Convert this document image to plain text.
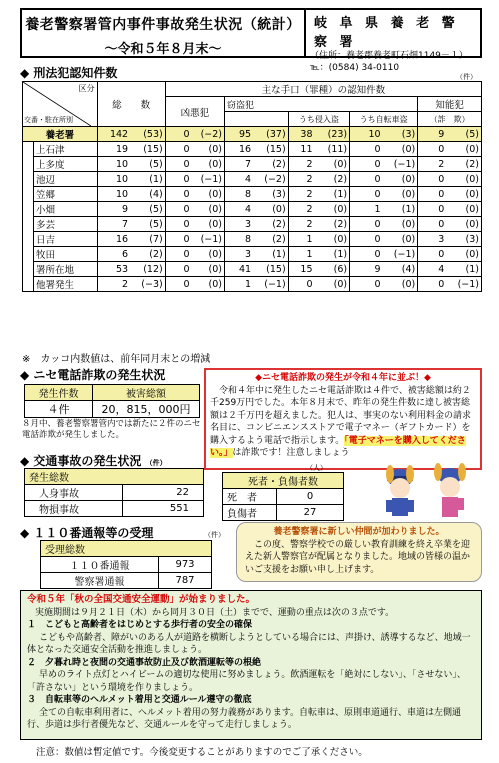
養老警察署管内事件事故発生状況（統計）
～令和５年８月末～
岐 阜 県 養 老 警 察 署
（住所：養老郡養老町石畑1149－１）
℡：(0584) 34-0110
◆ 刑法犯認知件数	（件）
区分
交番・駐在所別		総　　数		主な手口（罪種）の認知件数									
				凶悪犯		窃盗犯						知能犯	
								うち侵入盗		うち自転車盗		（詐　欺）	
養老署		142	(53)	0	(−2)	95	(37)	38	(23)	10	(3)	9	(5)
	上石津	19	(15)	0	(0)	16	(15)	11	(11)	0	(0)	0	(0)
	上多度	10	(5)	0	(0)	7	(2)	2	(0)	0	(−1)	2	(2)
	池辺	10	(1)	0	(−1)	4	(−2)	2	(2)	0	(0)	0	(0)
	笠郷	10	(4)	0	(0)	8	(3)	2	(1)	0	(0)	0	(0)
	小畑	9	(5)	0	(0)	4	(0)	2	(0)	1	(1)	0	(0)
	多芸	7	(5)	0	(0)	3	(2)	2	(2)	0	(0)	0	(0)
	日吉	16	(7)	0	(−1)	8	(2)	1	(0)	0	(0)	3	(3)
	牧田	6	(2)	0	(0)	3	(1)	1	(1)	0	(−1)	0	(0)
	署所在地	53	(12)	0	(0)	41	(15)	15	(6)	9	(4)	4	(1)
	他署発生	2	(−3)	0	(0)	1	(−1)	0	(0)	0	(0)	0	(−1)
※　カッコ内数値は、前年同月末との増減
◆ ニセ電話詐欺の発生状況
発生件数	被害総額
４件	20，815，000円
８月中、養老警察署管内では新たに２件のニセ電話詐欺が発生しました。
◆ニセ電話詐欺の発生が令和４年に並ぶ！◆
令和４年中に発生したニセ電話詐欺は４件で、被害総額は約２千259万円でした。本年８月末で、昨年の発生件数に達し被害総額は２千万円を超えました。犯人は、事実のない利用料金の請求名目に、コンビニエンスストアで電子マネー（ギフトカード）を購入するよう電話で指示します。「電子マネーを購入してください。」は詐欺です！注意しましょう
◆ 交通事故の発生状況 （件）
発生総数	
人身事故	22
物損事故	551
（人）
死者・負傷者数	
死　者	0
負傷者	27
◆ １１０番通報等の受理	（件）
受理総数	
１１０番通報	973
警察署通報	787
養老警察署に新しい仲間が加わりました。
この度、警察学校での厳しい教育訓練を終え卒業を迎えた新人警察官が配属となりました。地域の皆様の温かいご支援をお願い申し上げます。
令和５年「秋の全国交通安全運動」が始まりました。
実施期間は９月２１日（木）から同月３０日（土）までで、運動の重点は次の３点です。
１　こどもと高齢者をはじめとする歩行者の安全の確保
こどもや高齢者、障がいのある人が道路を横断しようとしている場合には、声掛け、誘導するなど、地域一体となった交通安全活動を推進しましょう。
２　夕暮れ時と夜間の交通事故防止及び飲酒運転等の根絶
早めのライト点灯とハイビームの適切な使用に努めましょう。飲酒運転を「絶対にしない」、「させない」、「許さない」という環境を作りましょう。
３　自転車等のヘルメット着用と交通ルール遵守の徹底
全ての自転車利用者に、ヘルメット着用の努力義務があります。自転車は、原則車道通行、車道は左側通行、歩道は歩行者優先など、交通ルールを守って走行しましょう。
注意：数値は暫定値です。今後変更することがありますのでご了承ください。
